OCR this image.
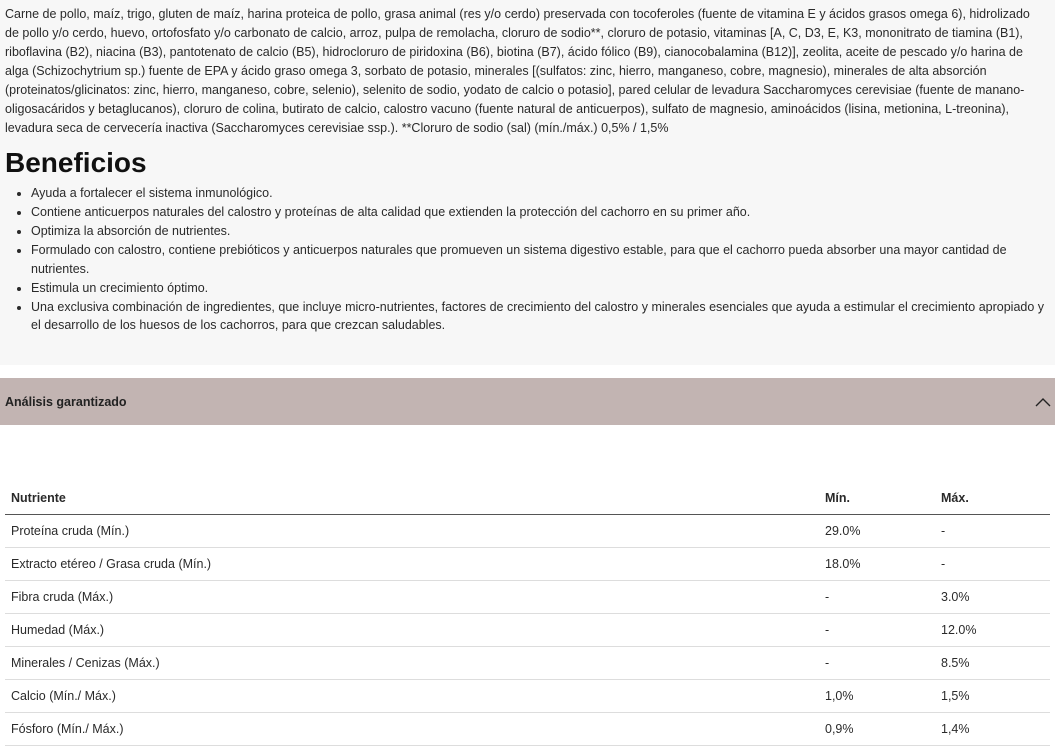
Carne de pollo, maíz, trigo, gluten de maíz, harina proteica de pollo, grasa animal (res y/o cerdo) preservada con tocoferoles (fuente de vitamina E y ácidos grasos omega 6), hidrolizado de pollo y/o cerdo, huevo, ortofosfato y/o carbonato de calcio, arroz, pulpa de remolacha, cloruro de sodio**, cloruro de potasio, vitaminas [A, C, D3, E, K3, mononitrato de tiamina (B1), riboflavina (B2), niacina (B3), pantotenato de calcio (B5), hidrocloruro de piridoxina (B6), biotina (B7), ácido fólico (B9), cianocobalamina (B12)], zeolita, aceite de pescado y/o harina de alga (Schizochytrium sp.) fuente de EPA y ácido graso omega 3, sorbato de potasio, minerales [(sulfatos: zinc, hierro, manganeso, cobre, magnesio), minerales de alta absorción (proteinatos/glicinatos: zinc, hierro, manganeso, cobre, selenio), selenito de sodio, yodato de calcio o potasio], pared celular de levadura Saccharomyces cerevisiae (fuente de manano-oligosacáridos y betaglucanos), cloruro de colina, butirato de calcio, calostro vacuno (fuente natural de anticuerpos), sulfato de magnesio, aminoácidos (lisina, metionina, L-treonina), levadura seca de cervecería inactiva (Saccharomyces cerevisiae ssp.). **Cloruro de sodio (sal) (mín./máx.) 0,5% / 1,5%

Beneficios
• Ayuda a fortalecer el sistema inmunológico.
• Contiene anticuerpos naturales del calostro y proteínas de alta calidad que extienden la protección del cachorro en su primer año.
• Optimiza la absorción de nutrientes.
• Formulado con calostro, contiene prebióticos y anticuerpos naturales que promueven un sistema digestivo estable, para que el cachorro pueda absorber una mayor cantidad de nutrientes.
• Estimula un crecimiento óptimo.
• Una exclusiva combinación de ingredientes, que incluye micro-nutrientes, factores de crecimiento del calostro y minerales esenciales que ayuda a estimular el crecimiento apropiado y el desarrollo de los huesos de los cachorros, para que crezcan saludables.
Análisis garantizado
Nutriente	Mín.	Máx.
Proteína cruda (Mín.)	29.0%	-
Extracto etéreo / Grasa cruda (Mín.)	18.0%	-
Fibra cruda (Máx.)	-	3.0%
Humedad (Máx.)	-	12.0%
Minerales / Cenizas (Máx.)	-	8.5%
Calcio (Mín./ Máx.)	1,0%	1,5%
Fósforo (Mín./ Máx.)	0,9%	1,4%
